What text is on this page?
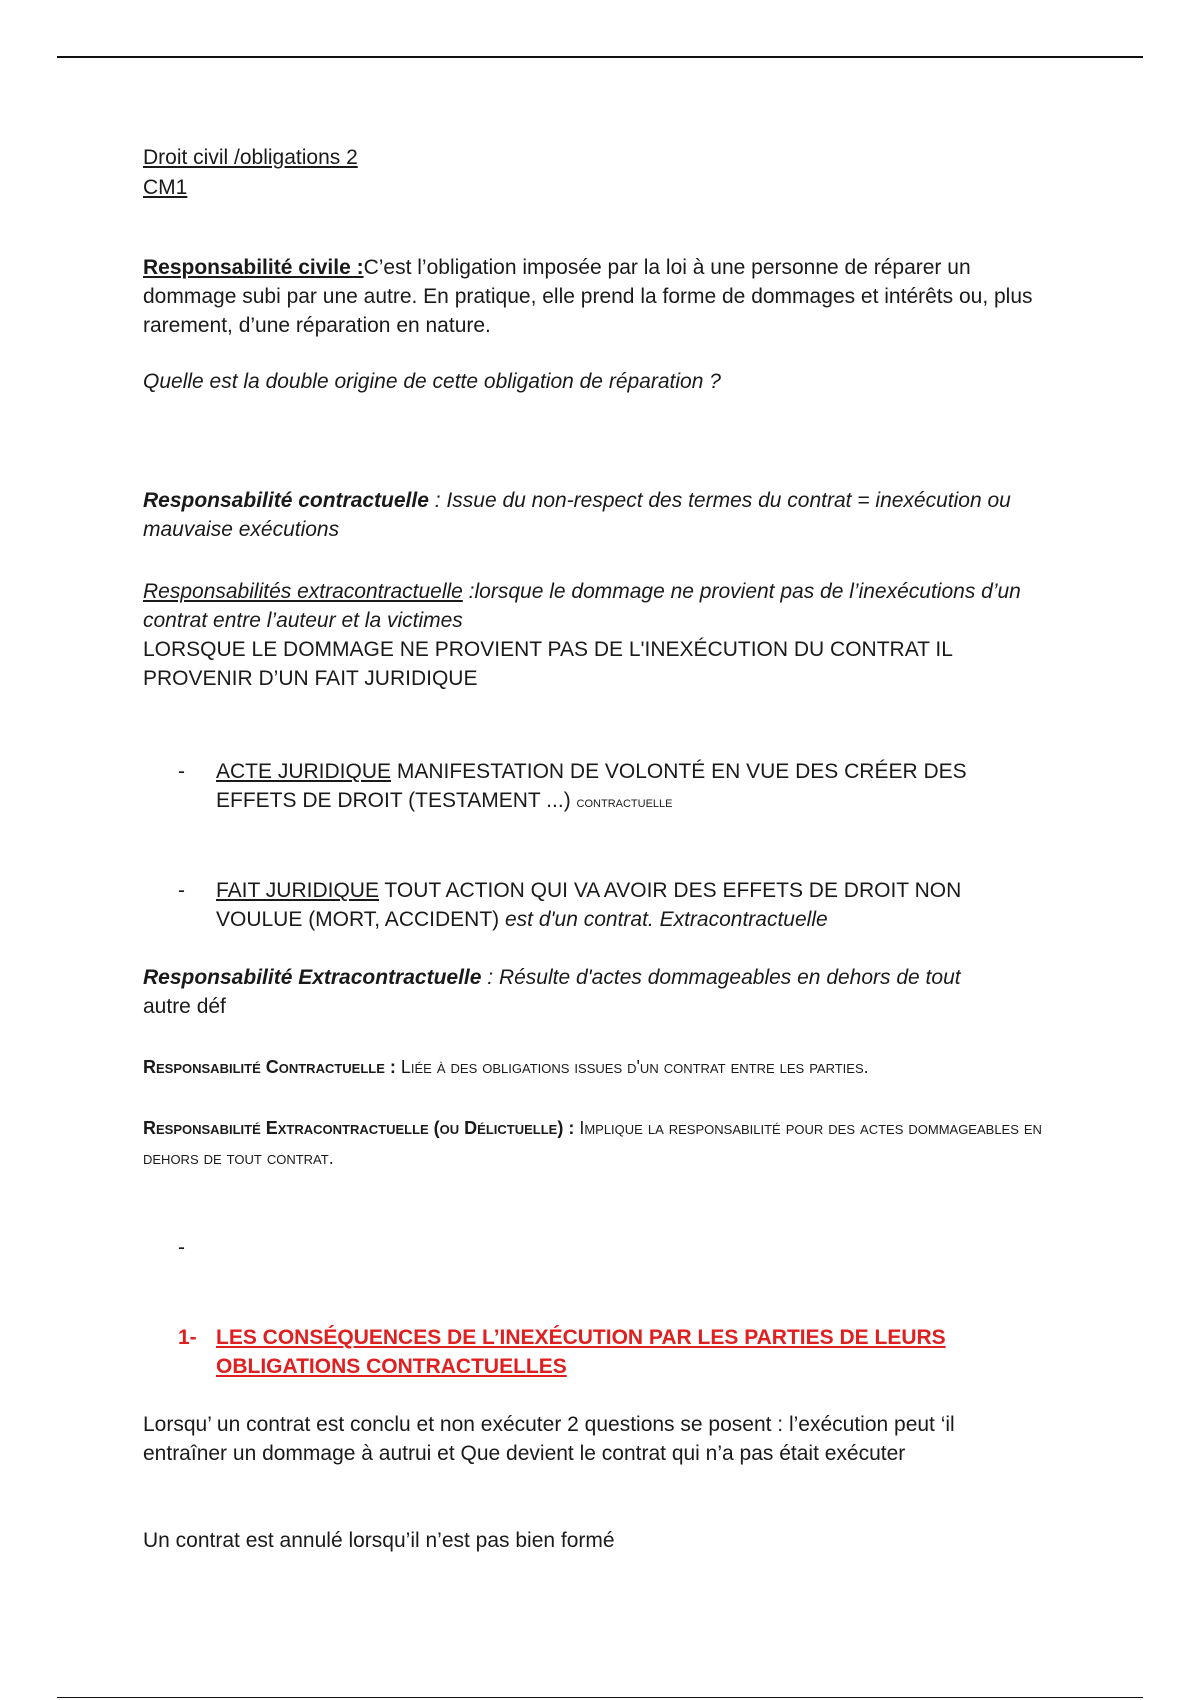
Droit civil /obligations 2

CM1

Responsabilité civile :C’est l’obligation imposée par la loi à une personne de réparer un dommage subi par une autre. En pratique, elle prend la forme de dommages et intérêts ou, plus rarement, d’une réparation en nature.

Quelle est la double origine de cette obligation de réparation ?

Responsabilité contractuelle : Issue du non-respect des termes du contrat = inexécution ou mauvaise exécutions

Responsabilités extracontractuelle :lorsque le dommage ne provient pas de l’inexécutions d’un contrat entre l’auteur et la victimes
LORSQUE LE DOMMAGE NE PROVIENT PAS DE L'INEXÉCUTION DU CONTRAT IL PROVENIR D’UN FAIT JURIDIQUE

-	ACTE JURIDIQUE MANIFESTATION DE VOLONTÉ EN VUE DES CRÉER DES EFFETS DE DROIT (TESTAMENT ...) contractuelle

-	FAIT JURIDIQUE TOUT ACTION QUI VA AVOIR DES EFFETS DE DROIT NON VOULUE (MORT, ACCIDENT) est d'un contrat. Extracontractuelle

Responsabilité Extracontractuelle : Résulte d'actes dommageables en dehors de tout
autre déf

Responsabilité Contractuelle : Liée à des obligations issues d'un contrat entre les parties.

Responsabilité Extracontractuelle (ou Délictuelle) : Implique la responsabilité pour des actes dommageables en dehors de tout contrat.

-
1- LES CONSÉQUENCES DE L’INEXÉCUTION PAR LES PARTIES DE LEURS OBLIGATIONS CONTRACTUELLES

Lorsqu’ un contrat est conclu et non exécuter 2 questions se posent : l’exécution peut ‘il entraîner un dommage à autrui et Que devient le contrat qui n’a pas était exécuter

Un contrat est annulé lorsqu’il n’est pas bien formé
